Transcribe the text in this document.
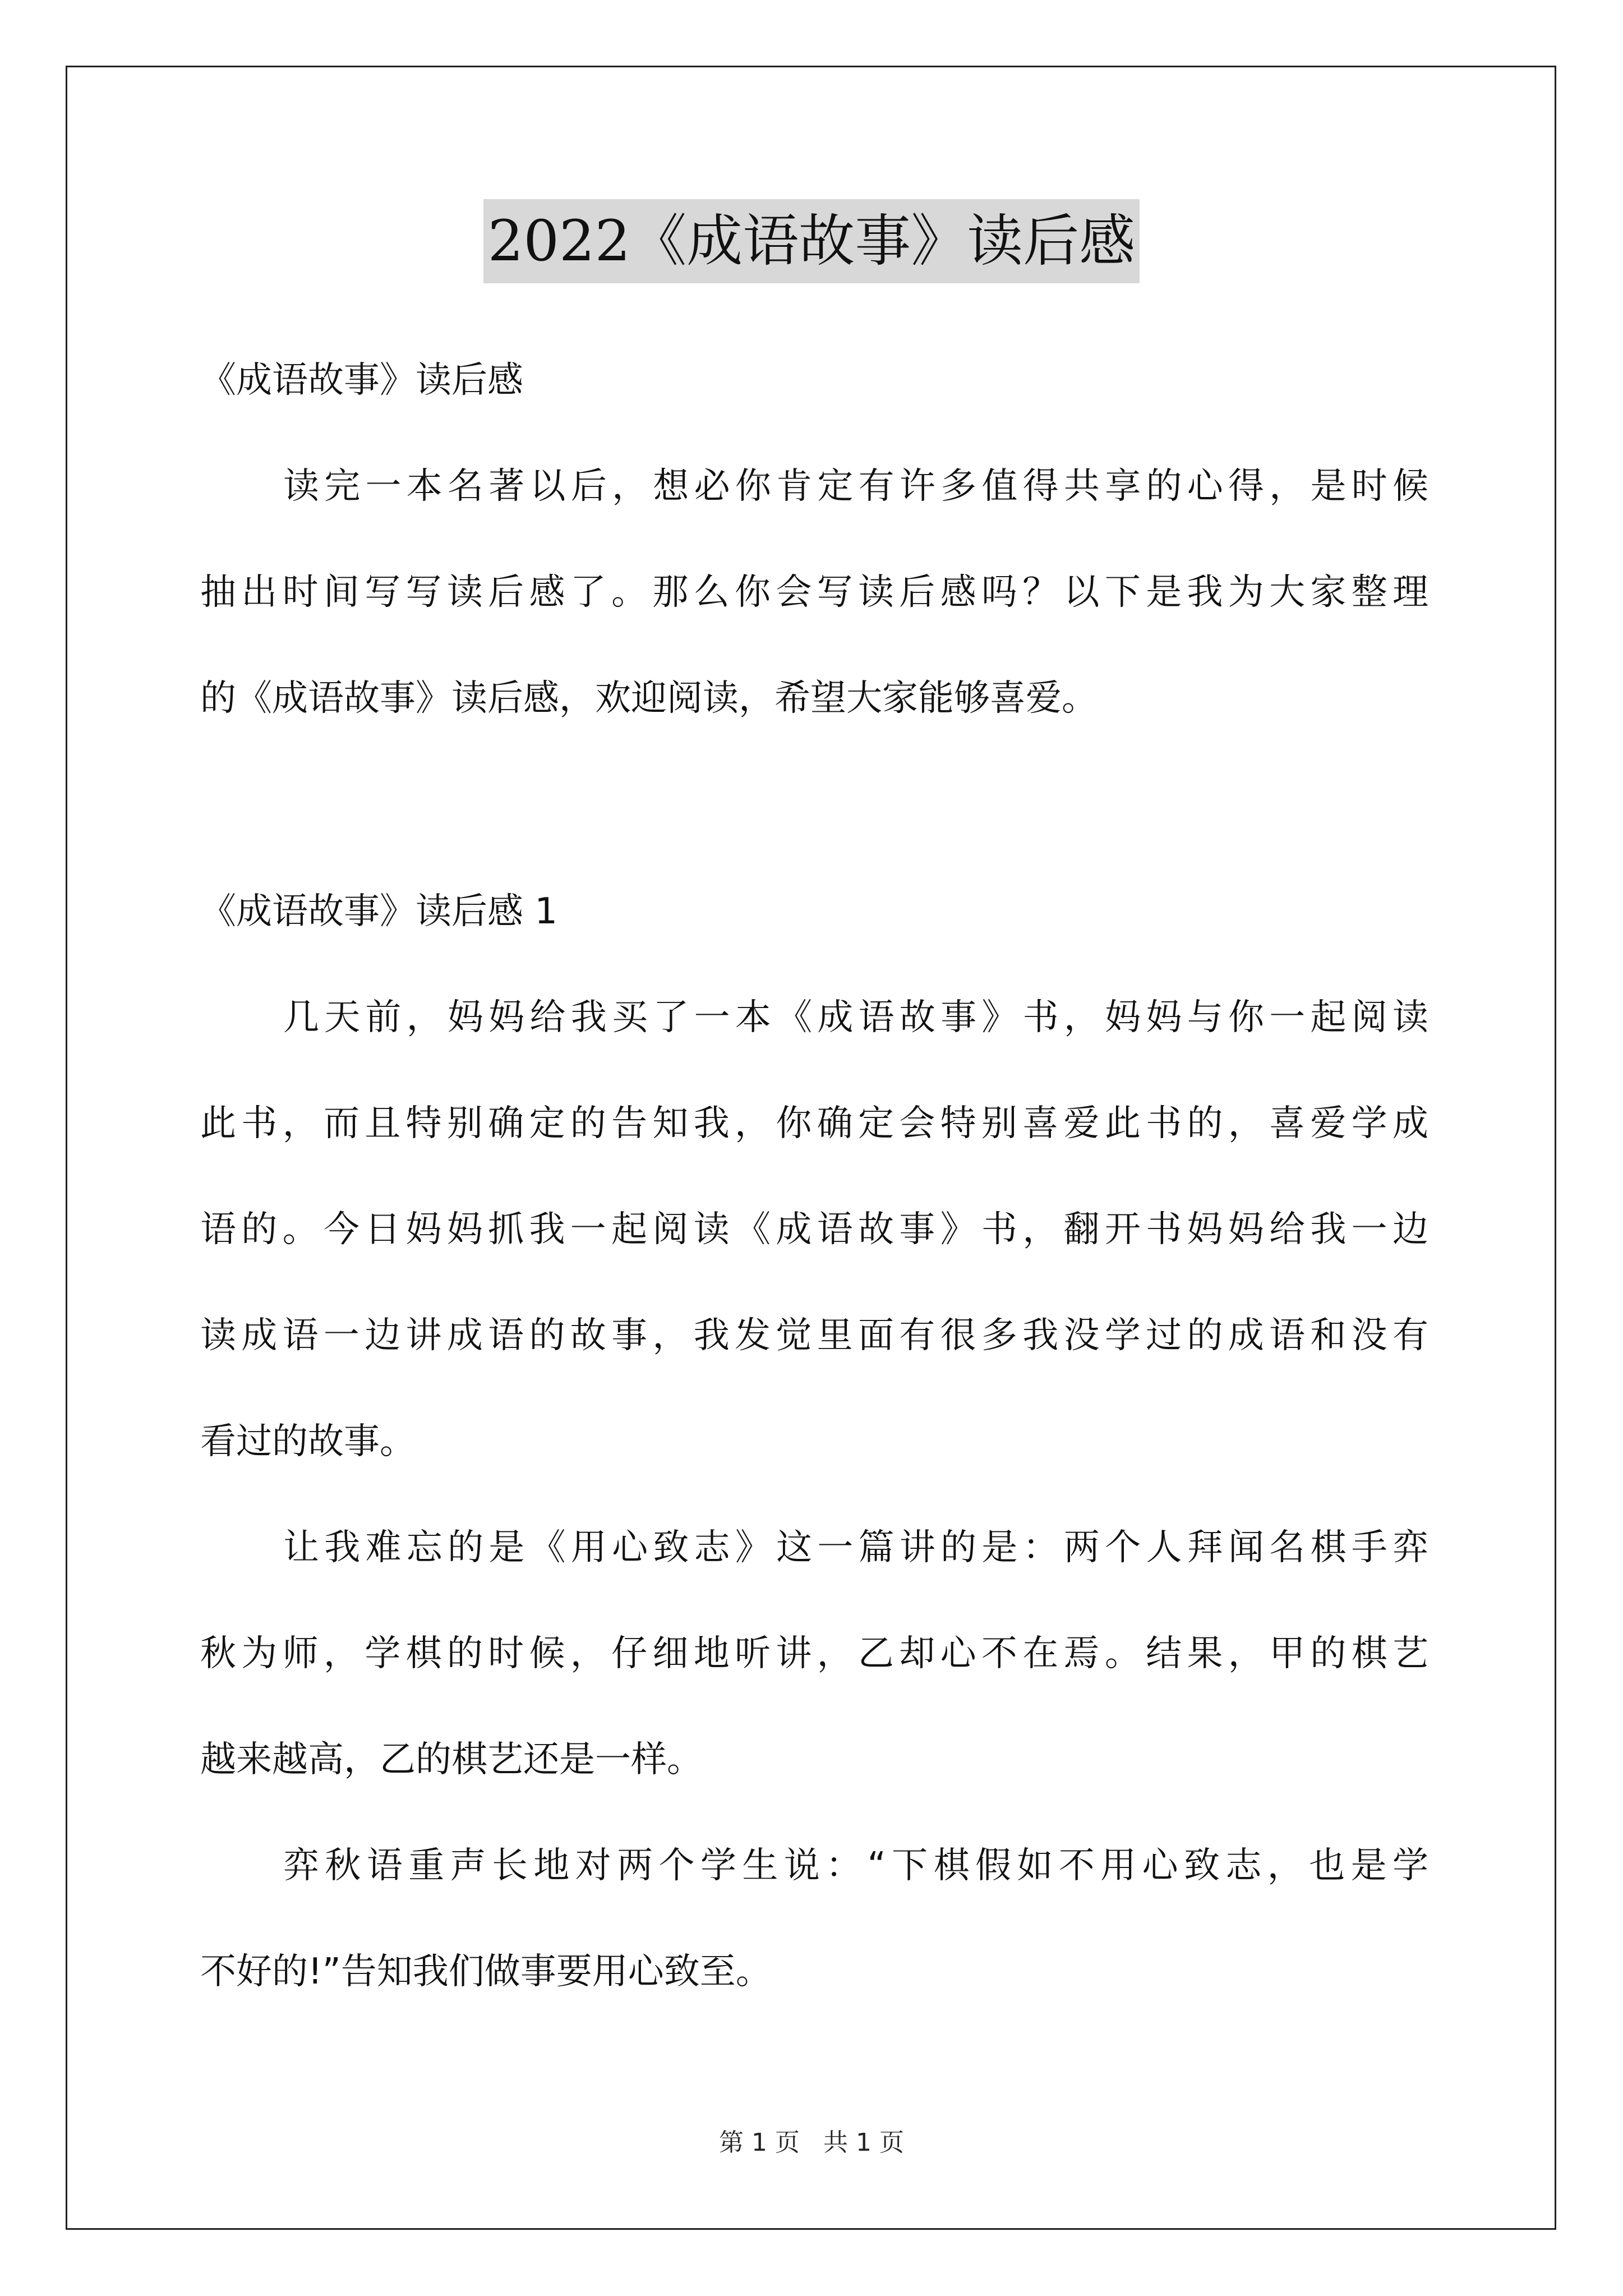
2022《成语故事》读后感
《成语故事》读后感
读完一本名著以后，想必你肯定有许多值得共享的心得，是时候
抽出时间写写读后感了。那么你会写读后感吗？以下是我为大家整理
的《成语故事》读后感，欢迎阅读，希望大家能够喜爱。
《成语故事》读后感 1
几天前，妈妈给我买了一本《成语故事》书，妈妈与你一起阅读
此书，而且特别确定的告知我，你确定会特别喜爱此书的，喜爱学成
语的。今日妈妈抓我一起阅读《成语故事》书，翻开书妈妈给我一边
读成语一边讲成语的故事，我发觉里面有很多我没学过的成语和没有
看过的故事。
让我难忘的是《用心致志》这一篇讲的是：两个人拜闻名棋手弈
秋为师，学棋的时候，仔细地听讲，乙却心不在焉。结果，甲的棋艺
越来越高，乙的棋艺还是一样。
弈秋语重声长地对两个学生说：“下棋假如不用心致志，也是学
不好的!”告知我们做事要用心致至。
第 1 页 共 1 页
